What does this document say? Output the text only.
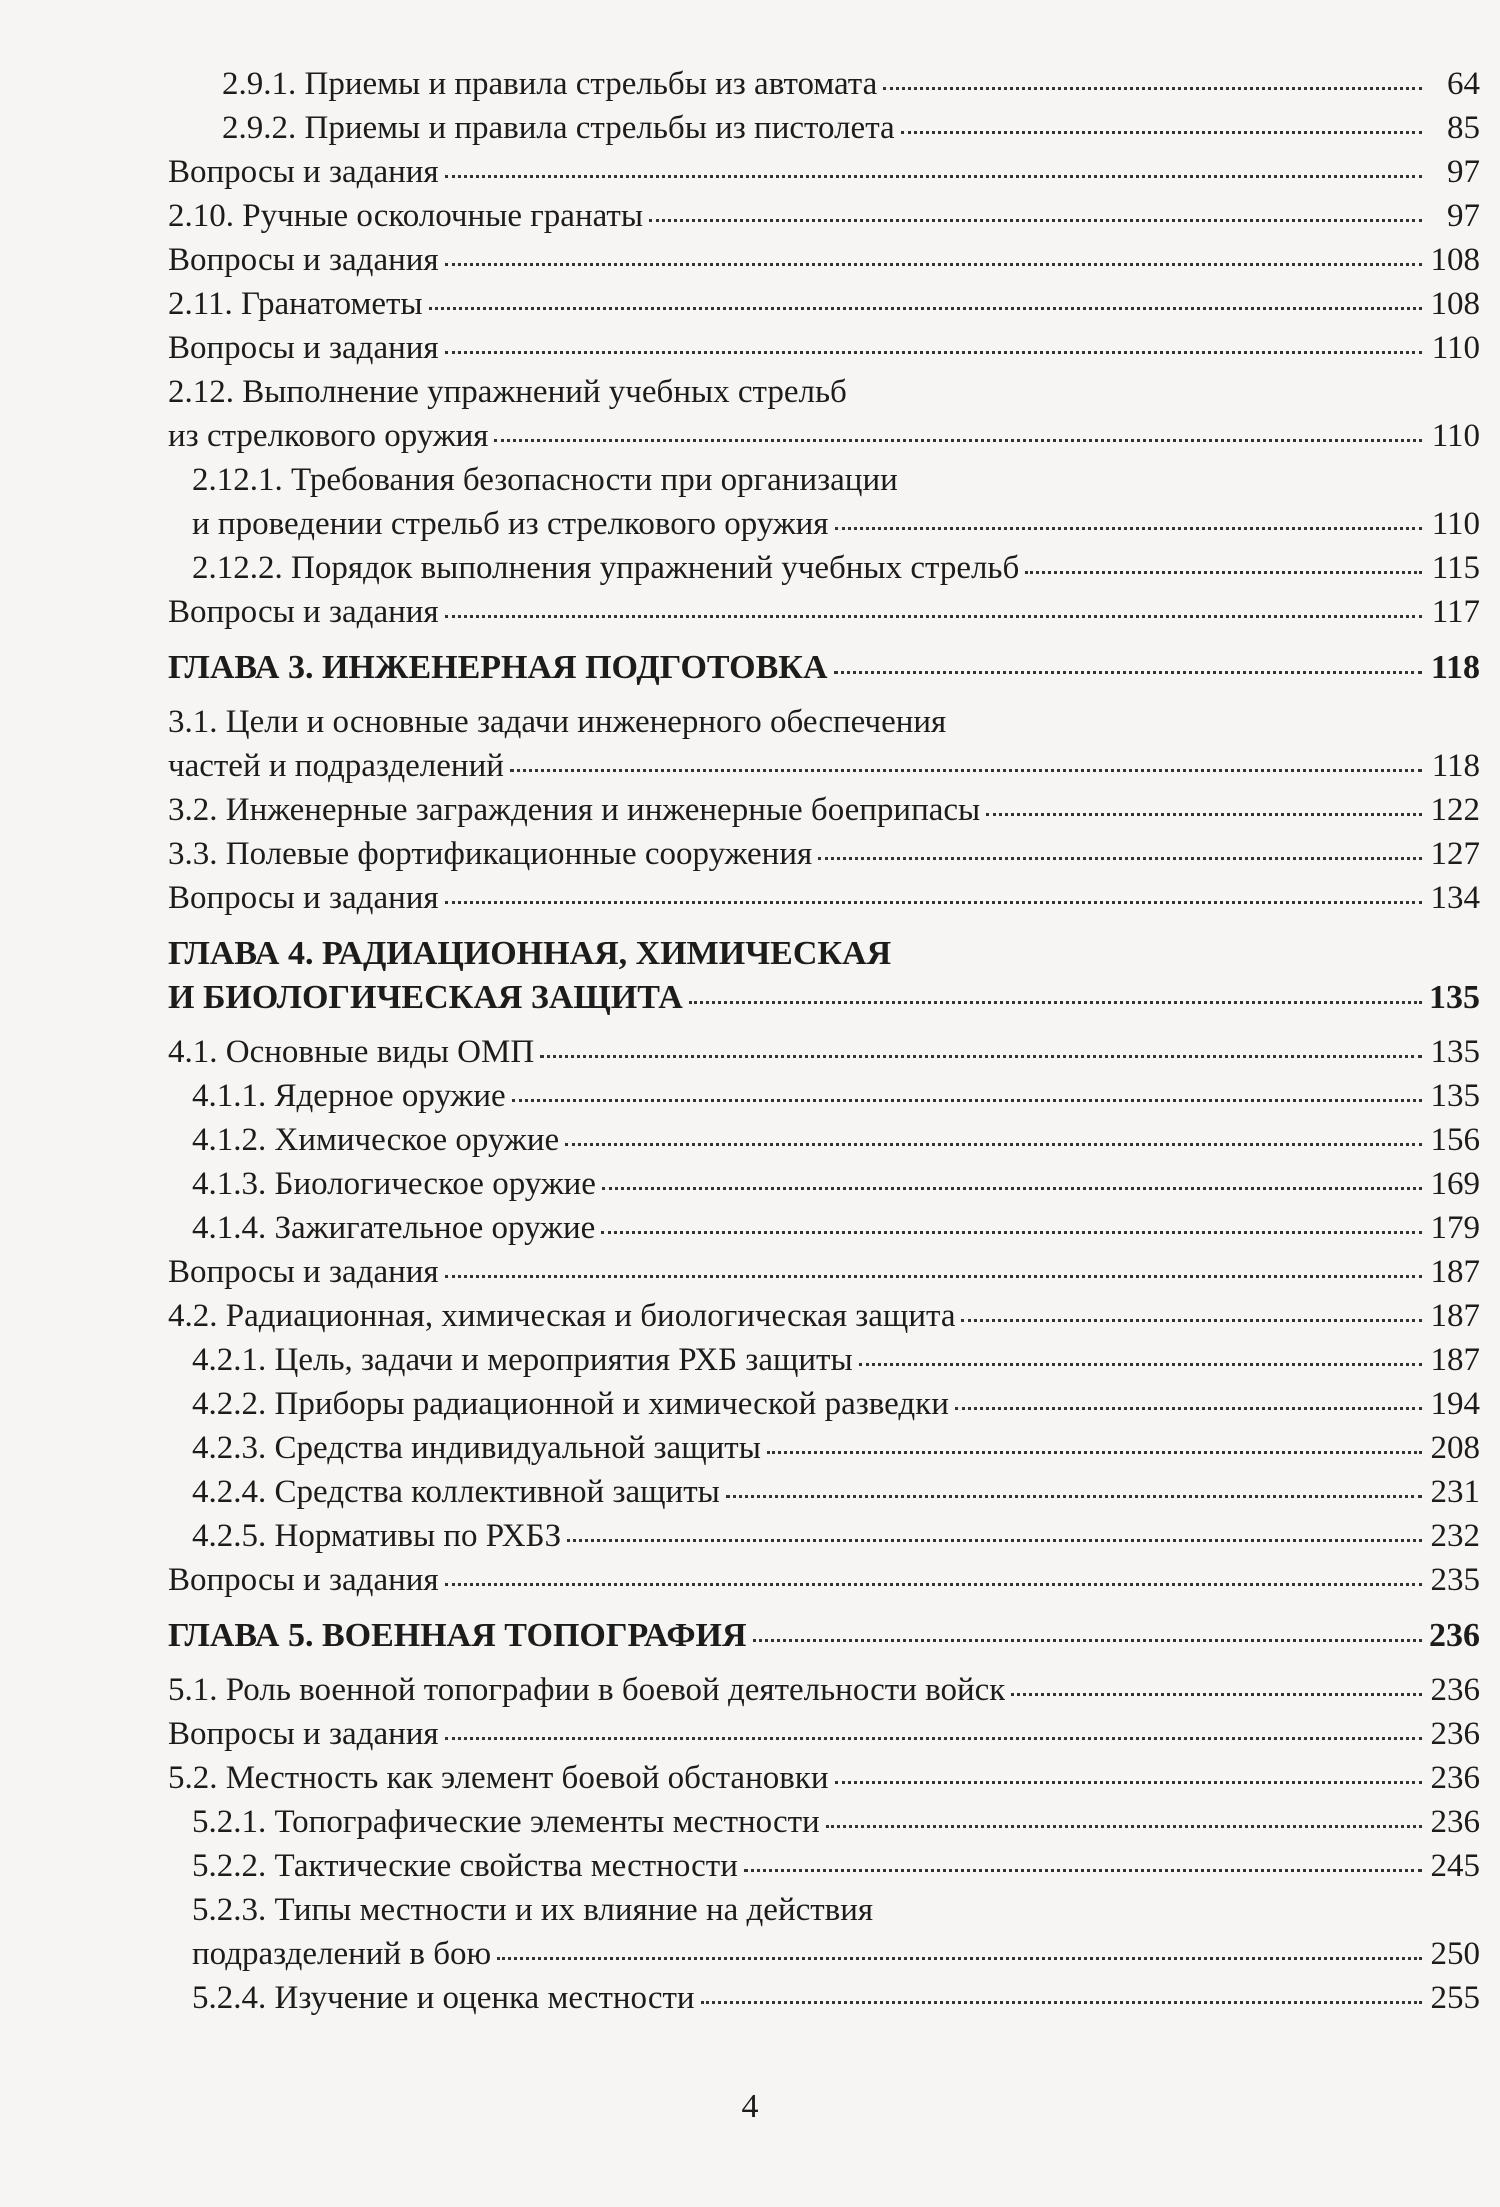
2.9.1. Приемы и правила стрельбы из автомата	64
2.9.2. Приемы и правила стрельбы из пистолета	85
Вопросы и задания	97
2.10. Ручные осколочные гранаты	97
Вопросы и задания	108
2.11. Гранатометы	108
Вопросы и задания	110
2.12. Выполнение упражнений учебных стрельб
из стрелкового оружия	110
2.12.1. Требования безопасности при организации
и проведении стрельб из стрелкового оружия	110
2.12.2. Порядок выполнения упражнений учебных стрельб	115
Вопросы и задания	117
ГЛАВА 3. ИНЖЕНЕРНАЯ ПОДГОТОВКА	118
3.1. Цели и основные задачи инженерного обеспечения
частей и подразделений	118
3.2. Инженерные заграждения и инженерные боеприпасы	122
3.3. Полевые фортификационные сооружения	127
Вопросы и задания	134
ГЛАВА 4. РАДИАЦИОННАЯ, ХИМИЧЕСКАЯ
И БИОЛОГИЧЕСКАЯ ЗАЩИТА	135
4.1. Основные виды ОМП	135
4.1.1. Ядерное оружие	135
4.1.2. Химическое оружие	156
4.1.3. Биологическое оружие	169
4.1.4. Зажигательное оружие	179
Вопросы и задания	187
4.2. Радиационная, химическая и биологическая защита	187
4.2.1. Цель, задачи и мероприятия РХБ защиты	187
4.2.2. Приборы радиационной и химической разведки	194
4.2.3. Средства индивидуальной защиты	208
4.2.4. Средства коллективной защиты	231
4.2.5. Нормативы по РХБЗ	232
Вопросы и задания	235
ГЛАВА 5. ВОЕННАЯ ТОПОГРАФИЯ	236
5.1. Роль военной топографии в боевой деятельности войск	236
Вопросы и задания	236
5.2. Местность как элемент боевой обстановки	236
5.2.1. Топографические элементы местности	236
5.2.2. Тактические свойства местности	245
5.2.3. Типы местности и их влияние на действия
подразделений в бою	250
5.2.4. Изучение и оценка местности	255
4
